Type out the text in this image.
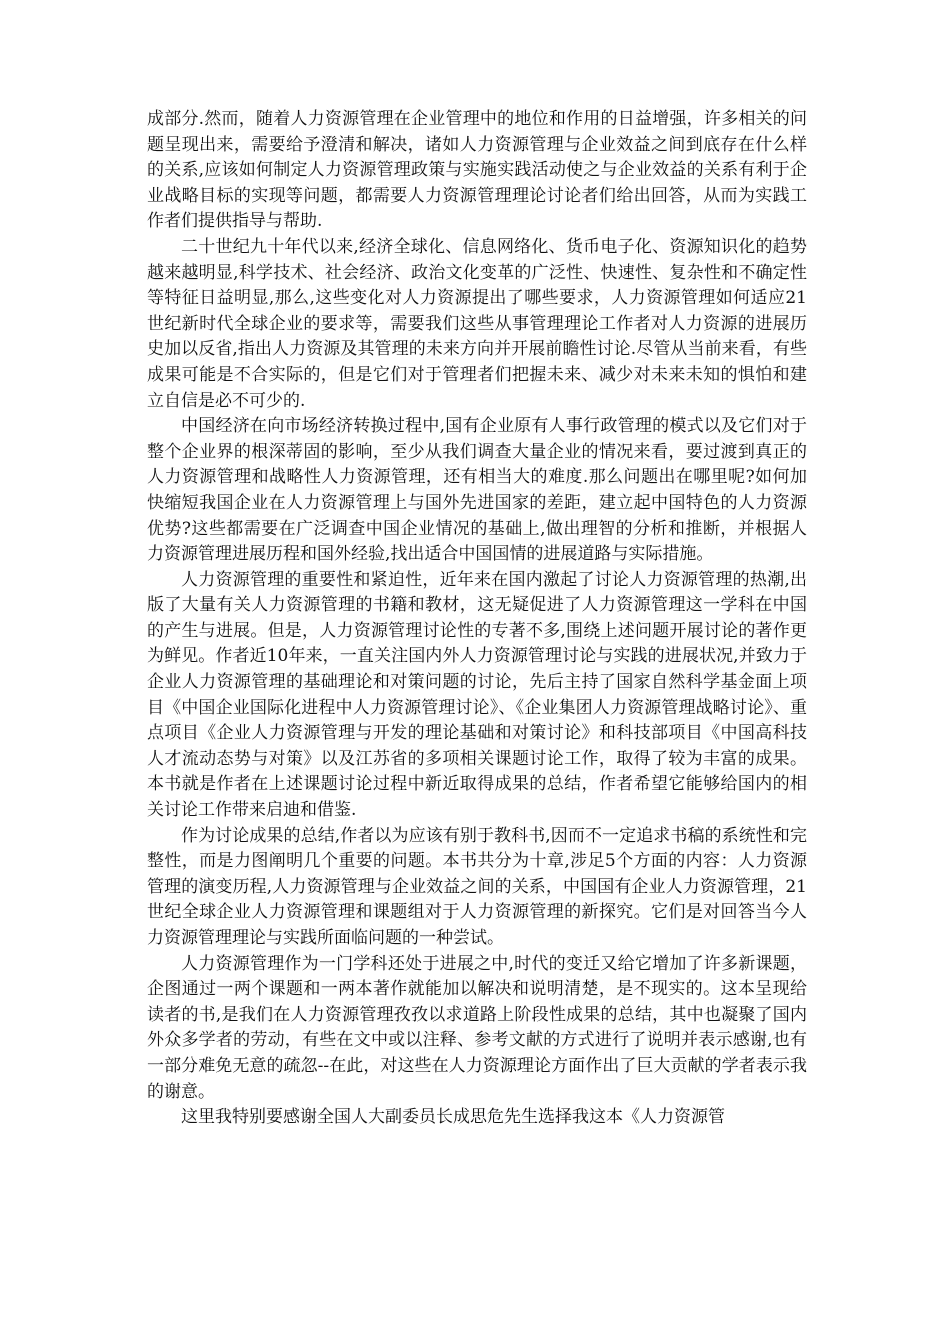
成部分.然而，随着人力资源管理在企业管理中的地位和作用的日益增强，许多相关的问题呈现出来，需要给予澄清和解决，诸如人力资源管理与企业效益之间到底存在什么样的关系,应该如何制定人力资源管理政策与实施实践活动使之与企业效益的关系有利于企业战略目标的实现等问题，都需要人力资源管理理论讨论者们给出回答，从而为实践工作者们提供指导与帮助.

二十世纪九十年代以来,经济全球化、信息网络化、货币电子化、资源知识化的趋势越来越明显,科学技术、社会经济、政治文化变革的广泛性、快速性、复杂性和不确定性等特征日益明显,那么,这些变化对人力资源提出了哪些要求，人力资源管理如何适应21世纪新时代全球企业的要求等，需要我们这些从事管理理论工作者对人力资源的进展历史加以反省,指出人力资源及其管理的未来方向并开展前瞻性讨论.尽管从当前来看，有些成果可能是不合实际的，但是它们对于管理者们把握未来、减少对未来未知的惧怕和建立自信是必不可少的.

中国经济在向市场经济转换过程中,国有企业原有人事行政管理的模式以及它们对于整个企业界的根深蒂固的影响，至少从我们调查大量企业的情况来看，要过渡到真正的人力资源管理和战略性人力资源管理，还有相当大的难度.那么问题出在哪里呢?如何加快缩短我国企业在人力资源管理上与国外先进国家的差距，建立起中国特色的人力资源优势?这些都需要在广泛调查中国企业情况的基础上,做出理智的分析和推断，并根据人力资源管理进展历程和国外经验,找出适合中国国情的进展道路与实际措施。

人力资源管理的重要性和紧迫性，近年来在国内激起了讨论人力资源管理的热潮,出版了大量有关人力资源管理的书籍和教材，这无疑促进了人力资源管理这一学科在中国的产生与进展。但是，人力资源管理讨论性的专著不多,围绕上述问题开展讨论的著作更为鲜见。作者近10年来，一直关注国内外人力资源管理讨论与实践的进展状况,并致力于企业人力资源管理的基础理论和对策问题的讨论，先后主持了国家自然科学基金面上项目《中国企业国际化进程中人力资源管理讨论》、《企业集团人力资源管理战略讨论》、重点项目《企业人力资源管理与开发的理论基础和对策讨论》和科技部项目《中国高科技人才流动态势与对策》以及江苏省的多项相关课题讨论工作，取得了较为丰富的成果。本书就是作者在上述课题讨论过程中新近取得成果的总结，作者希望它能够给国内的相关讨论工作带来启迪和借鉴.

作为讨论成果的总结,作者以为应该有别于教科书,因而不一定追求书稿的系统性和完整性，而是力图阐明几个重要的问题。本书共分为十章,涉足5个方面的内容：人力资源管理的演变历程,人力资源管理与企业效益之间的关系，中国国有企业人力资源管理，21世纪全球企业人力资源管理和课题组对于人力资源管理的新探究。它们是对回答当今人力资源管理理论与实践所面临问题的一种尝试。

人力资源管理作为一门学科还处于进展之中,时代的变迁又给它增加了许多新课题，企图通过一两个课题和一两本著作就能加以解决和说明清楚，是不现实的。这本呈现给读者的书,是我们在人力资源管理孜孜以求道路上阶段性成果的总结，其中也凝聚了国内外众多学者的劳动，有些在文中或以注释、参考文献的方式进行了说明并表示感谢,也有一部分难免无意的疏忽--在此，对这些在人力资源理论方面作出了巨大贡献的学者表示我的谢意。

这里我特别要感谢全国人大副委员长成思危先生选择我这本《人力资源管
